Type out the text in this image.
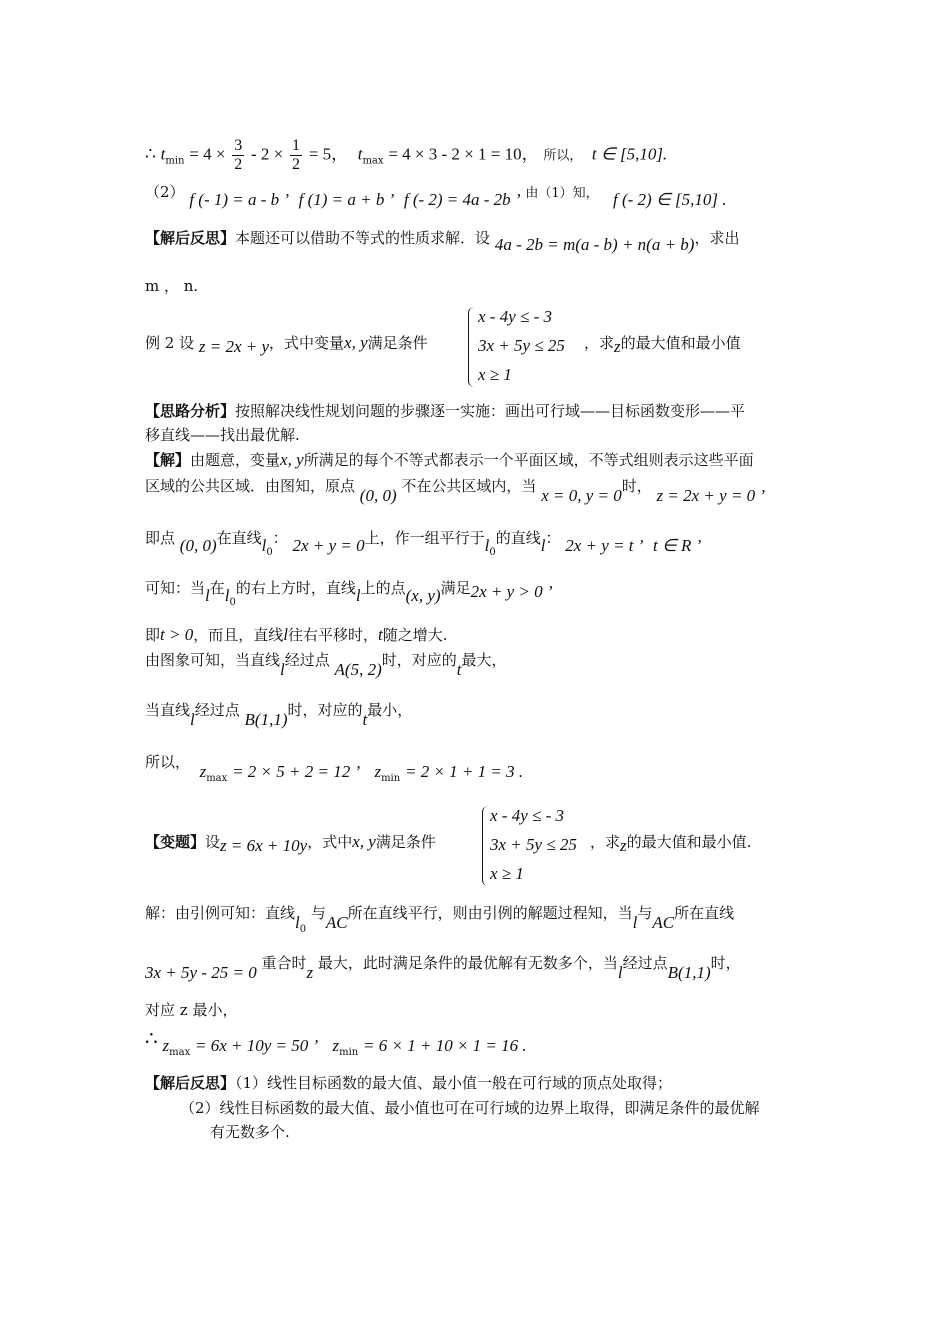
∴ $t_{min} = 4 \times \frac{3}{2} - 2 \times \frac{1}{2} = 5$， $t_{max} = 4 \times 3 - 2 \times 1 = 10$， 所以， t ∈ [5,10].
（2） f (- 1) = a - b ’ f (1) = a + b ’ f (- 2) = 4a - 2b ’ 由（1）知， f (- 2) ∈ [5,10] .
【解后反思】本题还可以借助不等式的性质求解．设 4a - 2b = m(a - b) + n(a + b)，求出
m ， n.
例 2 设 z = 2x + y，式中变量x, y满足条件
x - 4y ≤ - 3
3x + 5y ≤ 25
x ≥ 1
，求z的最大值和最小值
【思路分析】按照解决线性规划问题的步骤逐一实施：画出可行域——目标函数变形——平
移直线——找出最优解.
【解】由题意，变量x, y所满足的每个不等式都表示一个平面区域，不等式组则表示这些平面
区域的公共区域．由图知，原点 (0, 0) 不在公共区域内，当 x = 0, y = 0时， z = 2x + y = 0 ’
即点 (0, 0)在直线$l_0$： 2x + y = 0上，作一组平行于$l_0$的直线l： 2x + y = t ’ t ∈ R ’
可知：当l在$l_0$的右上方时，直线l上的点(x, y)满足2x + y > 0 ’
即t > 0，而且，直线l往右平移时，t随之增大.
由图象可知，当直线l经过点 A(5, 2)时，对应的t最大，
当直线l经过点 B(1,1)时，对应的t最小，
所以， $z_{max} = 2 \times 5 + 2 = 12$ ’ $z_{min} = 2 \times 1 + 1 = 3$ .
【变题】设z = 6x + 10y，式中x, y满足条件
x - 4y ≤ - 3
3x + 5y ≤ 25
x ≥ 1
，求z的最大值和最小值.
解：由引例可知：直线$l_0$ 与AC所在直线平行，则由引例的解题过程知，当l与AC所在直线
3x + 5y - 25 = 0 重合时z 最大，此时满足条件的最优解有无数多个，当l经过点B(1,1)时，
对应 z 最小，
∴ $z_{max} = 6x + 10y = 50$ ’ $z_{min} = 6 \times 1 + 10 \times 1 = 16$ .
【解后反思】（1）线性目标函数的最大值、最小值一般在可行域的顶点处取得；
（2）线性目标函数的最大值、最小值也可在可行域的边界上取得，即满足条件的最优解
有无数多个.
